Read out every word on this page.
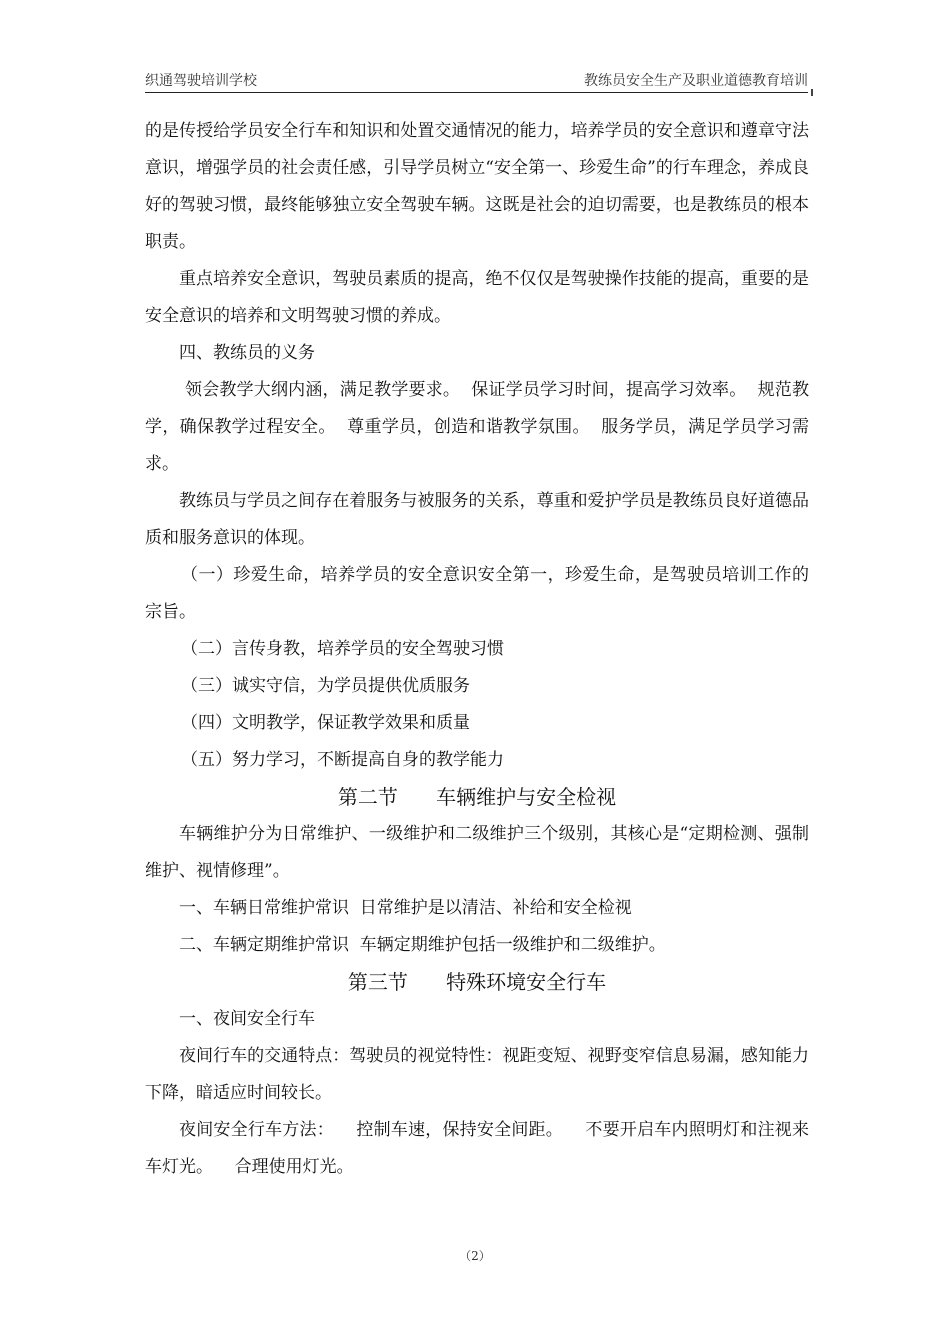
织通驾驶培训学校	教练员安全生产及职业道德教育培训

的是传授给学员安全行车和知识和处置交通情况的能力，培养学员的安全意识和遵章守法意识，增强学员的社会责任感，引导学员树立“安全第一、珍爱生命”的行车理念，养成良好的驾驶习惯，最终能够独立安全驾驶车辆。这既是社会的迫切需要，也是教练员的根本职责。

重点培养安全意识，驾驶员素质的提高，绝不仅仅是驾驶操作技能的提高，重要的是安全意识的培养和文明驾驶习惯的养成。

四、教练员的义务

领会教学大纲内涵，满足教学要求。  保证学员学习时间，提高学习效率。  规范教学，确保教学过程安全。  尊重学员，创造和谐教学氛围。  服务学员，满足学员学习需求。

教练员与学员之间存在着服务与被服务的关系，尊重和爱护学员是教练员良好道德品质和服务意识的体现。

（一）珍爱生命，培养学员的安全意识安全第一，珍爱生命，是驾驶员培训工作的宗旨。

（二）言传身教，培养学员的安全驾驶习惯

（三）诚实守信，为学员提供优质服务

（四）文明教学，保证教学效果和质量

（五）努力学习，不断提高自身的教学能力

第二节      车辆维护与安全检视

车辆维护分为日常维护、一级维护和二级维护三个级别，其核心是“定期检测、强制维护、视情修理”。

一、车辆日常维护常识  日常维护是以清洁、补给和安全检视

二、车辆定期维护常识  车辆定期维护包括一级维护和二级维护。

第三节      特殊环境安全行车

一、夜间安全行车

夜间行车的交通特点：驾驶员的视觉特性：视距变短、视野变窄信息易漏，感知能力下降，暗适应时间较长。

夜间安全行车方法：    控制车速，保持安全间距。    不要开启车内照明灯和注视来车灯光。    合理使用灯光。

（2）
